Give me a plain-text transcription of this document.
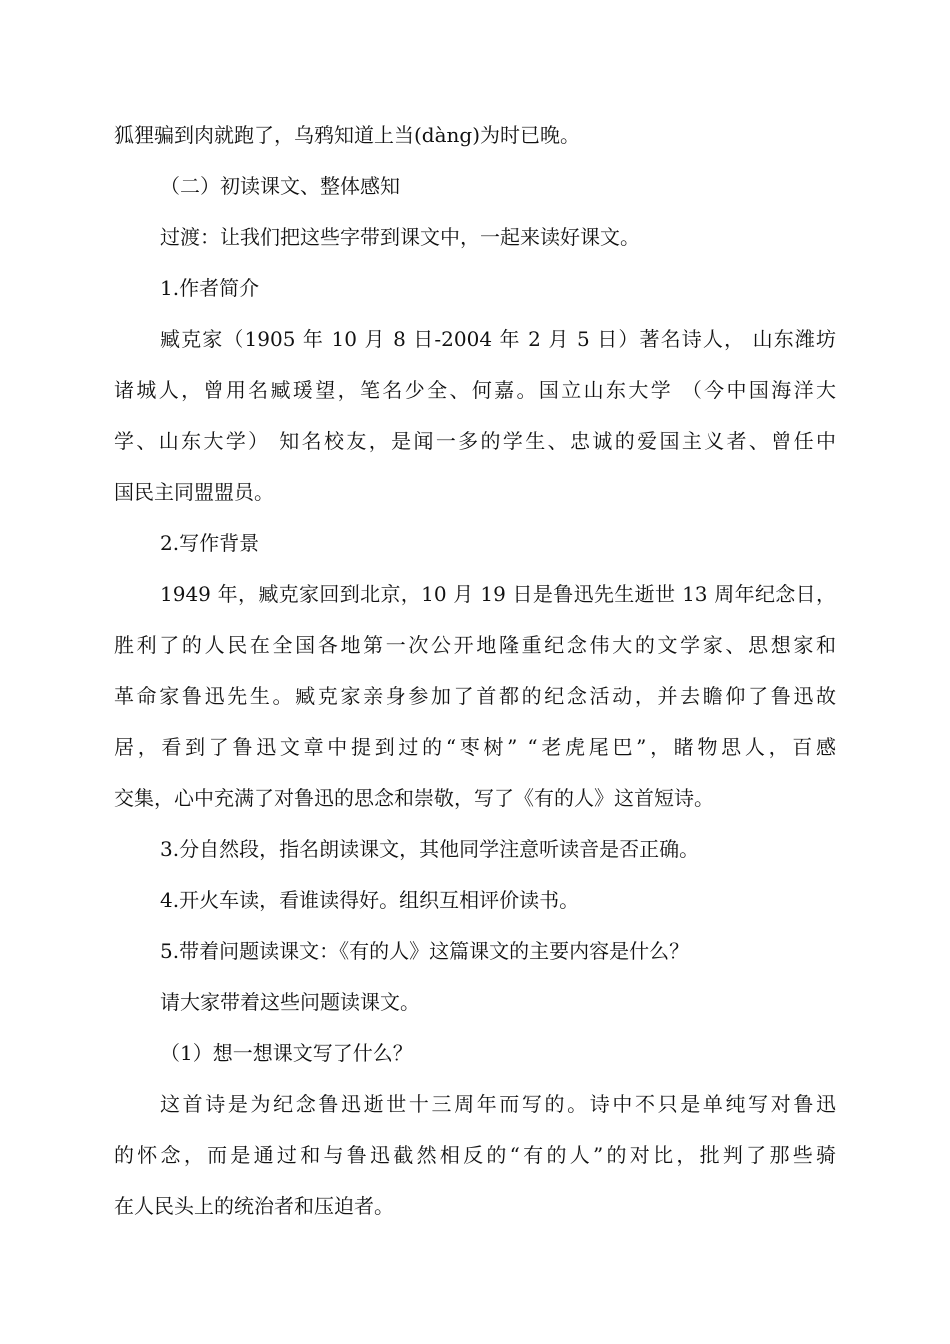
狐狸骗到肉就跑了，乌鸦知道上当(dàng)为时已晚。
（二）初读课文、整体感知
过渡：让我们把这些字带到课文中，一起来读好课文。
1.作者简介
臧克家（1905 年 10 月 8 日-2004 年 2 月 5 日）著名诗人， 山东潍坊
诸城人，曾用名臧瑗望，笔名少全、何嘉。国立山东大学 （今中国海洋大
学、山东大学） 知名校友，是闻一多的学生、忠诚的爱国主义者、曾任中
国民主同盟盟员。
2.写作背景
1949 年，臧克家回到北京，10 月 19 日是鲁迅先生逝世 13 周年纪念日，
胜利了的人民在全国各地第一次公开地隆重纪念伟大的文学家、思想家和
革命家鲁迅先生。臧克家亲身参加了首都的纪念活动，并去瞻仰了鲁迅故
居，看到了鲁迅文章中提到过的“枣树” “老虎尾巴”，睹物思人，百感
交集，心中充满了对鲁迅的思念和崇敬，写了《有的人》这首短诗。
3.分自然段，指名朗读课文，其他同学注意听读音是否正确。
4.开火车读，看谁读得好。组织互相评价读书。
5.带着问题读课文：《有的人》这篇课文的主要内容是什么？
请大家带着这些问题读课文。
（1）想一想课文写了什么？
这首诗是为纪念鲁迅逝世十三周年而写的。诗中不只是单纯写对鲁迅
的怀念，而是通过和与鲁迅截然相反的“有的人”的对比，批判了那些骑
在人民头上的统治者和压迫者。
